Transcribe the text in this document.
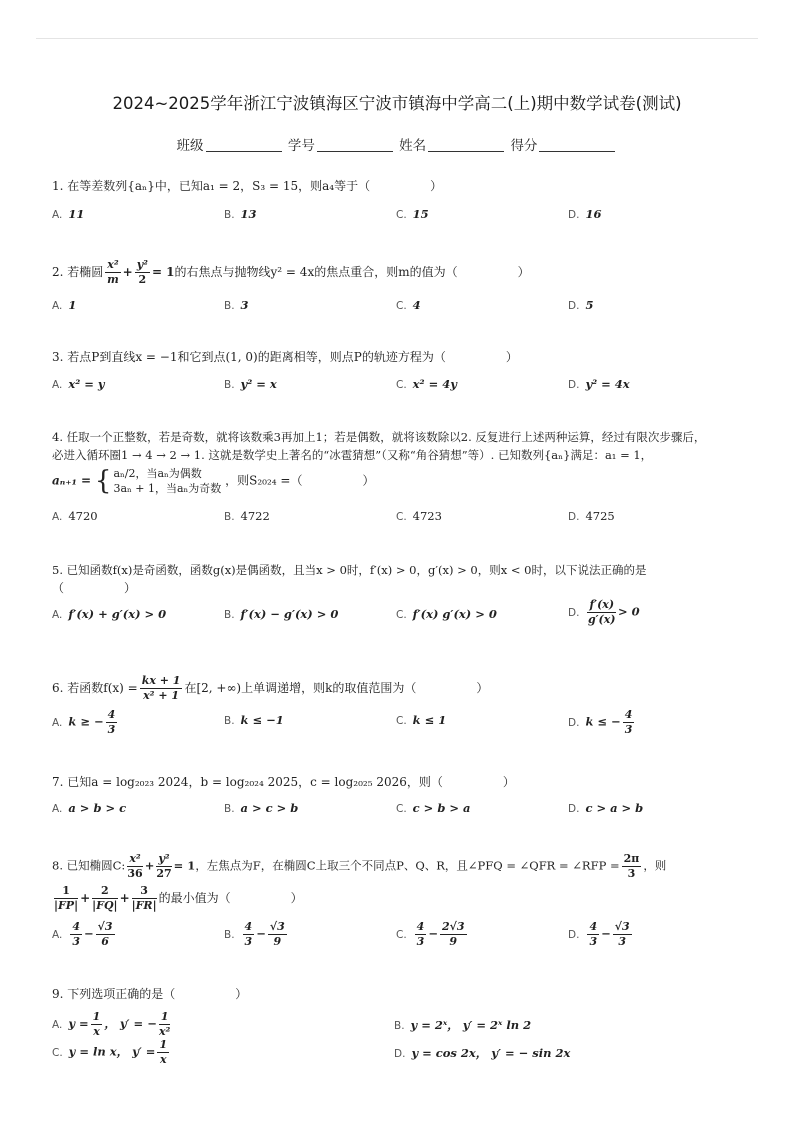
2024~2025学年浙江宁波镇海区宁波市镇海中学高二(上)期中数学试卷(测试)
班级	学号	姓名	得分
1. 在等差数列{aₙ}中，已知a₁ = 2，S₃ = 15，则a₄等于（　　　　　）
A. 11	B. 13	C. 15	D. 16
2. 若椭圆 $\frac{\text{x²}}{m} + \frac{\text{y²}}{2} = 1$的右焦点与抛物线y² = 4x的焦点重合，则m的值为（　　　　　）
A. 1	B. 3	C. 4	D. 5
3. 若点P到直线x = −1和它到点(1, 0)的距离相等，则点P的轨迹方程为（　　　　　）
A. x² = y	B. y² = x	C. x² = 4y	D. y² = 4x
4. 任取一个正整数，若是奇数，就将该数乘3再加上1；若是偶数，就将该数除以2. 反复进行上述两种运算，经过有限次步骤后，
必进入循环圈1 → 4 → 2 → 1. 这就是数学史上著名的“冰雹猜想”（又称“角谷猜想”等）. 已知数列{aₙ}满足：a₁ = 1，
aₙ₊₁ = { aₙ/2，当aₙ为偶数
3aₙ + 1，当aₙ为奇数
，则S₂₀₂₄ =（　　　　　）
A. 4720	B. 4722	C. 4723	D. 4725
5. 已知函数f(x)是奇函数，函数g(x)是偶函数，且当x > 0时，f′(x) > 0，g′(x) > 0，则x < 0时，以下说法正确的是
（　　　　　）
A. f′(x) + g′(x) > 0	B. f′(x) − g′(x) > 0	C. f′(x) g′(x) > 0	D. $\frac{f'(x)}{g'(x)} > 0$
6. 若函数$f(x) = \frac{kx + 1}{\text{x² + 1}}$ 在[2, +∞)上单调递增，则k的取值范围为（　　　　　）
A. k ≥ − $\frac{4}{3}$	B. k ≤ −1	C. k ≤ 1	D. k ≤ − $\frac{4}{3}$
7. 已知a = log₂₀₂₃ 2024，b = log₂₀₂₄ 2025，c = log₂₀₂₅ 2026，则（　　　　　）
A. a > b > c	B. a > c > b	C. c > b > a	D. c > a > b
8. 已知椭圆C: $\frac{\text{x²}}{36} + \frac{\text{y²}}{27} = 1$，左焦点为F，在椭圆C上取三个不同点P、Q、R，且∠PFQ = ∠QFR = ∠RFP = $\frac{2\pi}{3}$ ，则
$\frac{1}{|FP|} + \frac{2}{|FQ|} + \frac{3}{|FR|}$ 的最小值为（　　　　　）
A. $\frac{4}{3} - \frac{√3}{6}$	B. $\frac{4}{3} - \frac{√3}{9}$	C. $\frac{4}{3} - \frac{2√3}{9}$	D. $\frac{4}{3} - \frac{√3}{3}$
9. 下列选项正确的是（　　　　　）
A. $y = \frac{1}{x}$ ， y′ = − $\frac{1}{\text{x²}}$	B. y = 2ˣ， y′ = 2ˣ ln 2
C. y = ln x， $y' = \frac{1}{x}$	D. y = cos 2x， y′ = − sin 2x
